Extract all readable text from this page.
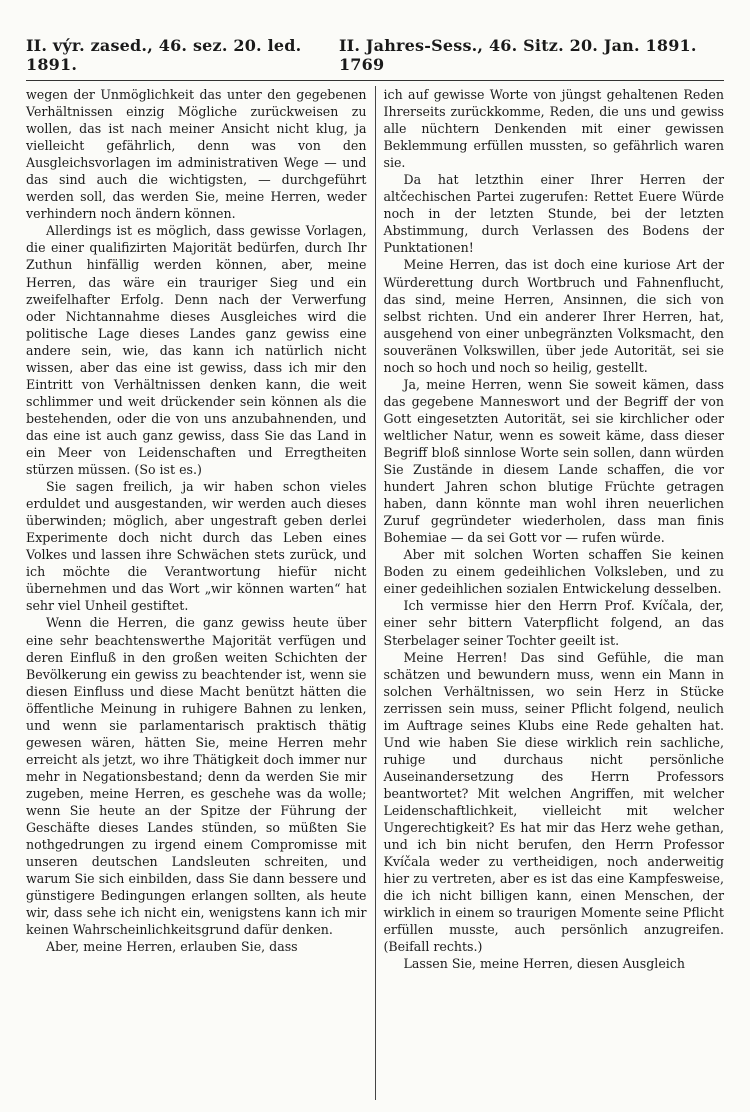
II. výr. zased., 46. sez. 20. led. 1891.
II. Jahres-Sess., 46. Sitz. 20. Jan. 1891. 1769

wegen der Unmöglichkeit das unter den gegebenen Verhältnissen einzig Mögliche zurückweisen zu wollen, das ist nach meiner Ansicht nicht klug, ja vielleicht gefährlich, denn was von den Ausgleichsvorlagen im administrativen Wege — und das sind auch die wichtigsten, — durchgeführt werden soll, das werden Sie, meine Herren, weder verhindern noch ändern können.

Allerdings ist es möglich, dass gewisse Vorlagen, die einer qualifizirten Majorität bedürfen, durch Ihr Zuthun hinfällig werden können, aber, meine Herren, das wäre ein trauriger Sieg und ein zweifelhafter Erfolg. Denn nach der Verwerfung oder Nichtannahme dieses Ausgleiches wird die politische Lage dieses Landes ganz gewiss eine andere sein, wie, das kann ich natürlich nicht wissen, aber das eine ist gewiss, dass ich mir den Eintritt von Verhältnissen denken kann, die weit schlimmer und weit drückender sein können als die bestehenden, oder die von uns anzubahnenden, und das eine ist auch ganz gewiss, dass Sie das Land in ein Meer von Leidenschaften und Erregtheiten stürzen müssen. (So ist es.)

Sie sagen freilich, ja wir haben schon vieles erduldet und ausgestanden, wir werden auch dieses überwinden; möglich, aber ungestraft geben derlei Experimente doch nicht durch das Leben eines Volkes und lassen ihre Schwächen stets zurück, und ich möchte die Verantwortung hiefür nicht übernehmen und das Wort „wir können warten“ hat sehr viel Unheil gestiftet.

Wenn die Herren, die ganz gewiss heute über eine sehr beachtenswerthe Majorität verfügen und deren Einfluß in den großen weiten Schichten der Bevölkerung ein gewiss zu beachtender ist, wenn sie diesen Einfluss und diese Macht benützt hätten die öffentliche Meinung in ruhigere Bahnen zu lenken, und wenn sie parlamentarisch praktisch thätig gewesen wären, hätten Sie, meine Herren mehr erreicht als jetzt, wo ihre Thätigkeit doch immer nur mehr in Negationsbestand; denn da werden Sie mir zugeben, meine Herren, es geschehe was da wolle; wenn Sie heute an der Spitze der Führung der Geschäfte dieses Landes stünden, so müßten Sie nothgedrungen zu irgend einem Compromisse mit unseren deutschen Landsleuten schreiten, und warum Sie sich einbilden, dass Sie dann bessere und günstigere Bedingungen erlangen sollten, als heute wir, dass sehe ich nicht ein, wenigstens kann ich mir keinen Wahrscheinlichkeitsgrund dafür denken.

Aber, meine Herren, erlauben Sie, dass

ich auf gewisse Worte von jüngst gehaltenen Reden Ihrerseits zurückkomme, Reden, die uns und gewiss alle nüchtern Denkenden mit einer gewissen Beklemmung erfüllen mussten, so gefährlich waren sie.

Da hat letzthin einer Ihrer Herren der altčechischen Partei zugerufen: Rettet Euere Würde noch in der letzten Stunde, bei der letzten Abstimmung, durch Verlassen des Bodens der Punktationen!

Meine Herren, das ist doch eine kuriose Art der Würderettung durch Wortbruch und Fahnenflucht, das sind, meine Herren, Ansinnen, die sich von selbst richten. Und ein anderer Ihrer Herren, hat, ausgehend von einer unbegränzten Volksmacht, den souveränen Volkswillen, über jede Autorität, sei sie noch so hoch und noch so heilig, gestellt.

Ja, meine Herren, wenn Sie soweit kämen, dass das gegebene Manneswort und der Begriff der von Gott eingesetzten Autorität, sei sie kirchlicher oder weltlicher Natur, wenn es soweit käme, dass dieser Begriff bloß sinnlose Worte sein sollen, dann würden Sie Zustände in diesem Lande schaffen, die vor hundert Jahren schon blutige Früchte getragen haben, dann könnte man wohl ihren neuerlichen Zuruf gegründeter wiederholen, dass man finis Bohemiae — da sei Gott vor — rufen würde.

Aber mit solchen Worten schaffen Sie keinen Boden zu einem gedeihlichen Volksleben, und zu einer gedeihlichen sozialen Entwickelung desselben.

Ich vermisse hier den Herrn Prof. Kvíčala, der, einer sehr bittern Vaterpflicht folgend, an das Sterbelager seiner Tochter geeilt ist.

Meine Herren! Das sind Gefühle, die man schätzen und bewundern muss, wenn ein Mann in solchen Verhältnissen, wo sein Herz in Stücke zerrissen sein muss, seiner Pflicht folgend, neulich im Auftrage seines Klubs eine Rede gehalten hat. Und wie haben Sie diese wirklich rein sachliche, ruhige und durchaus nicht persönliche Auseinandersetzung des Herrn Professors beantwortet? Mit welchen Angriffen, mit welcher Leidenschaftlichkeit, vielleicht mit welcher Ungerechtigkeit? Es hat mir das Herz wehe gethan, und ich bin nicht berufen, den Herrn Professor Kvíčala weder zu vertheidigen, noch anderweitig hier zu vertreten, aber es ist das eine Kampfesweise, die ich nicht billigen kann, einen Menschen, der wirklich in einem so traurigen Momente seine Pflicht erfüllen musste, auch persönlich anzugreifen. (Beifall rechts.)

Lassen Sie, meine Herren, diesen Ausgleich
